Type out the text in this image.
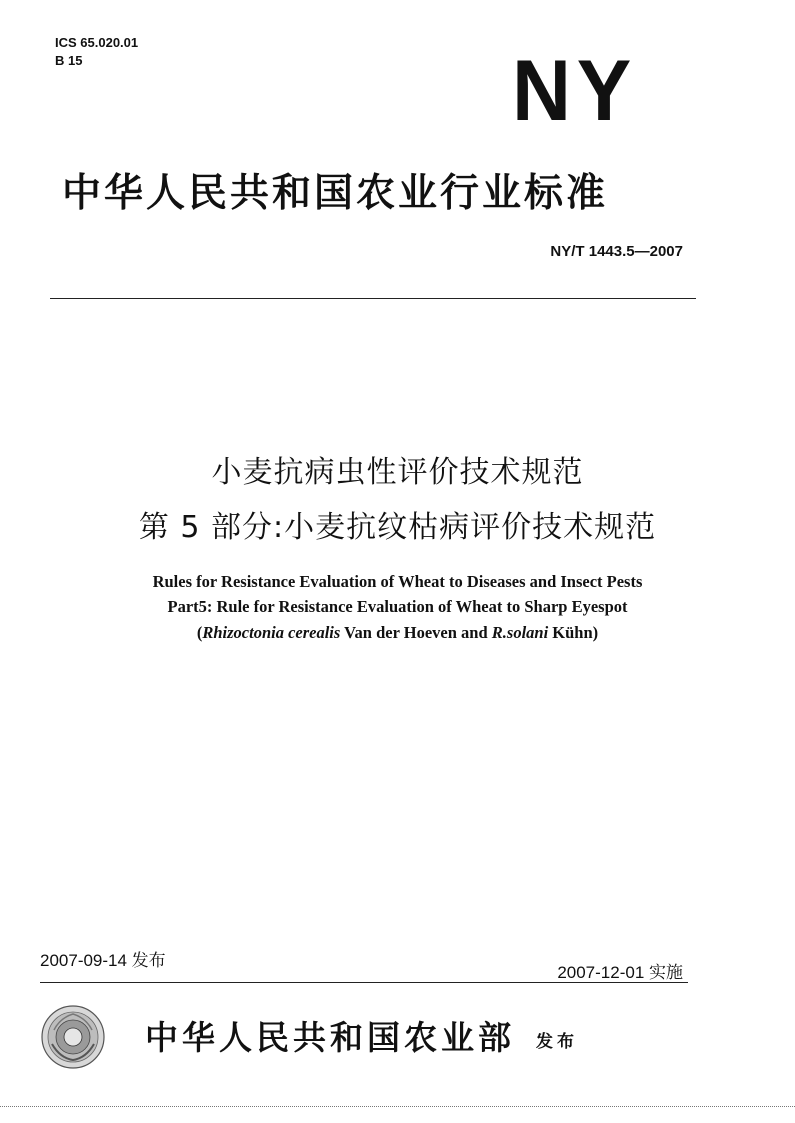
ICS 65.020.01
B 15	NY
中华人民共和国农业行业标准
NY/T 1443.5—2007
小麦抗病虫性评价技术规范
第 5 部分:小麦抗纹枯病评价技术规范
Rules for Resistance Evaluation of Wheat to Diseases and Insect Pests
Part5: Rule for Resistance Evaluation of Wheat to Sharp Eyespot
(Rhizoctonia cerealis Van der Hoeven and R.solani Kühn)
2007-09-14 发布
2007-12-01 实施
中华人民共和国农业部 发布
